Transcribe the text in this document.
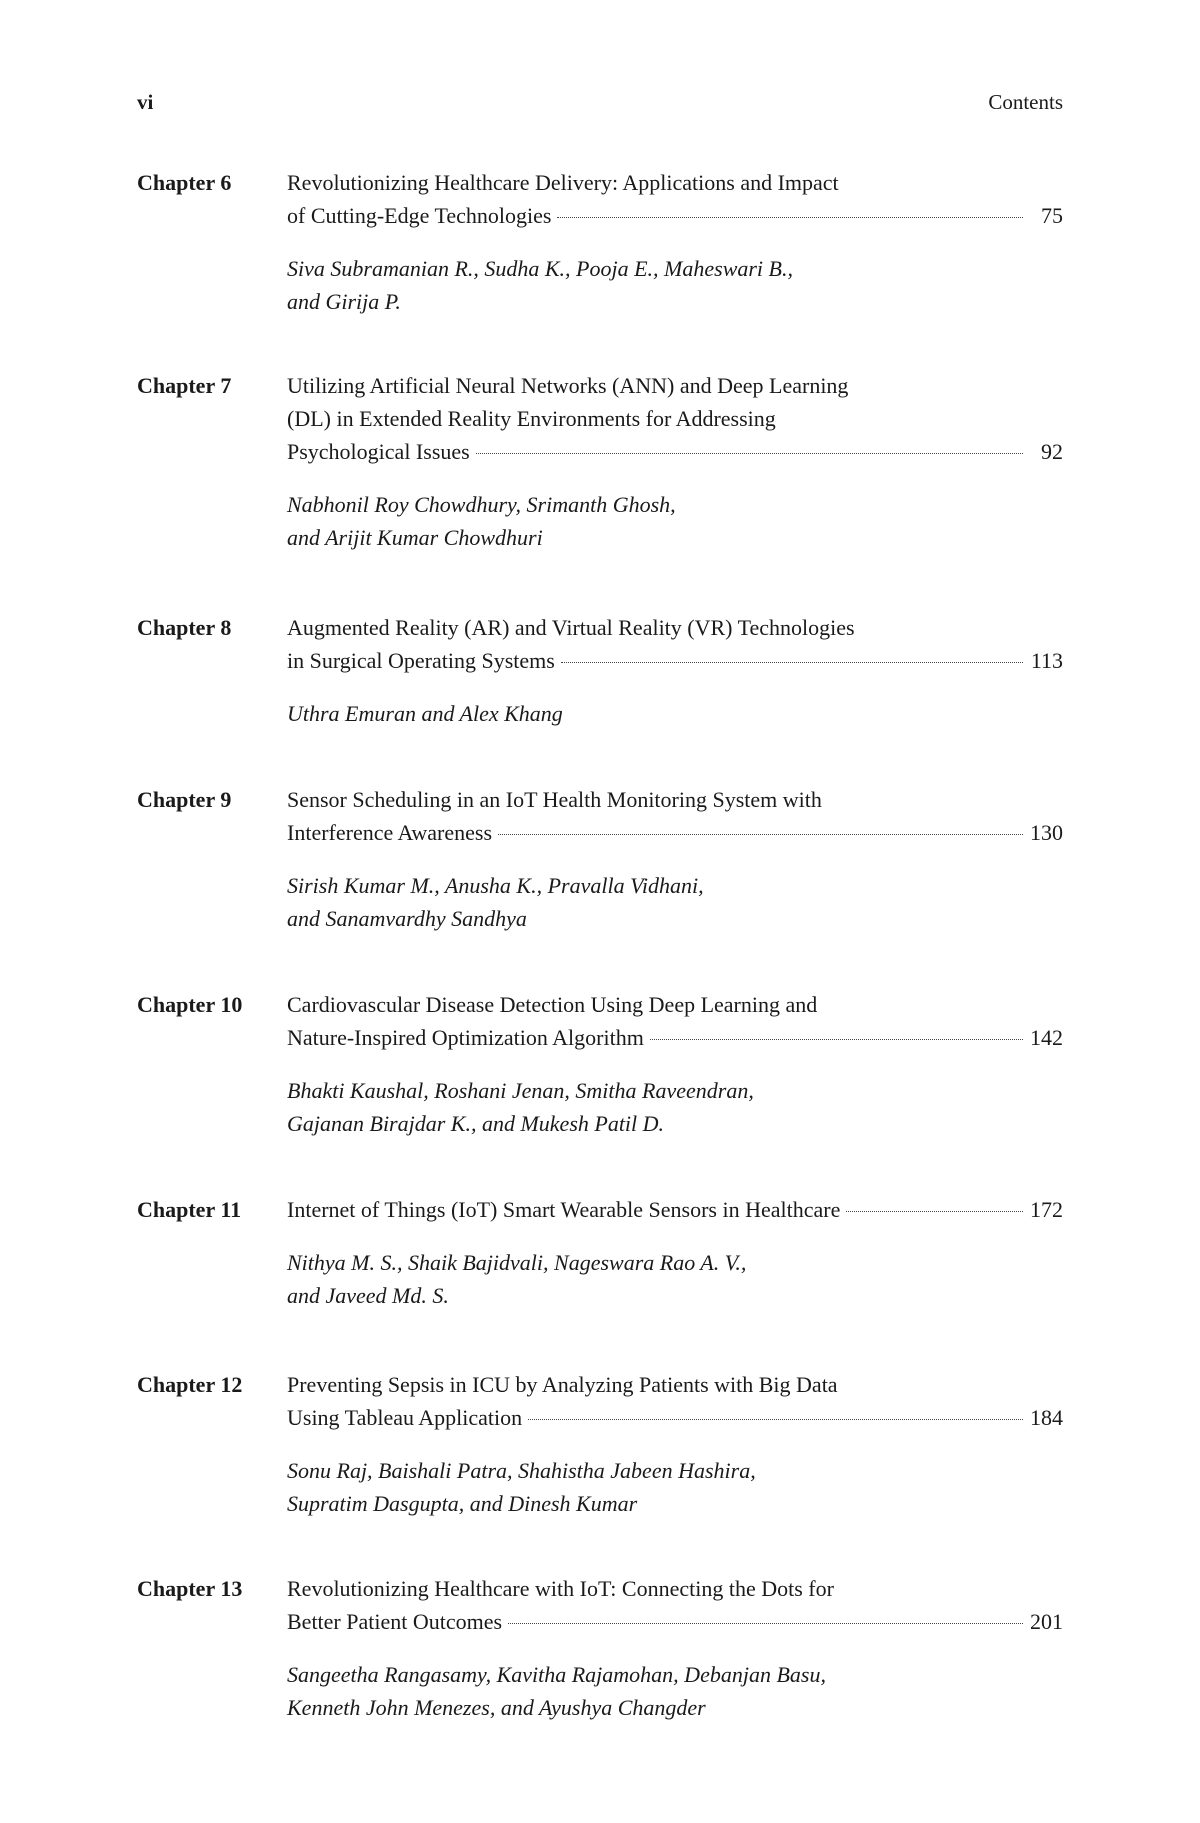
vi	Contents
Chapter 6	Revolutionizing Healthcare Delivery: Applications and Impact
of Cutting-Edge Technologies	75
Siva Subramanian R., Sudha K., Pooja E., Maheswari B.,
and Girija P.
Chapter 7	Utilizing Artificial Neural Networks (ANN) and Deep Learning
(DL) in Extended Reality Environments for Addressing
Psychological Issues	92
Nabhonil Roy Chowdhury, Srimanth Ghosh,
and Arijit Kumar Chowdhuri
Chapter 8	Augmented Reality (AR) and Virtual Reality (VR) Technologies
in Surgical Operating Systems	113
Uthra Emuran and Alex Khang
Chapter 9	Sensor Scheduling in an IoT Health Monitoring System with
Interference Awareness	130
Sirish Kumar M., Anusha K., Pravalla Vidhani,
and Sanamvardhy Sandhya
Chapter 10 Cardiovascular Disease Detection Using Deep Learning and
Nature-Inspired Optimization Algorithm	142
Bhakti Kaushal, Roshani Jenan, Smitha Raveendran,
Gajanan Birajdar K., and Mukesh Patil D.
Chapter 11 Internet of Things (IoT) Smart Wearable Sensors in Healthcare	172
Nithya M. S., Shaik Bajidvali, Nageswara Rao A. V.,
and Javeed Md. S.
Chapter 12 Preventing Sepsis in ICU by Analyzing Patients with Big Data
Using Tableau Application	184
Sonu Raj, Baishali Patra, Shahistha Jabeen Hashira,
Supratim Dasgupta, and Dinesh Kumar
Chapter 13 Revolutionizing Healthcare with IoT: Connecting the Dots for
Better Patient Outcomes	201
Sangeetha Rangasamy, Kavitha Rajamohan, Debanjan Basu,
Kenneth John Menezes, and Ayushya Changder
